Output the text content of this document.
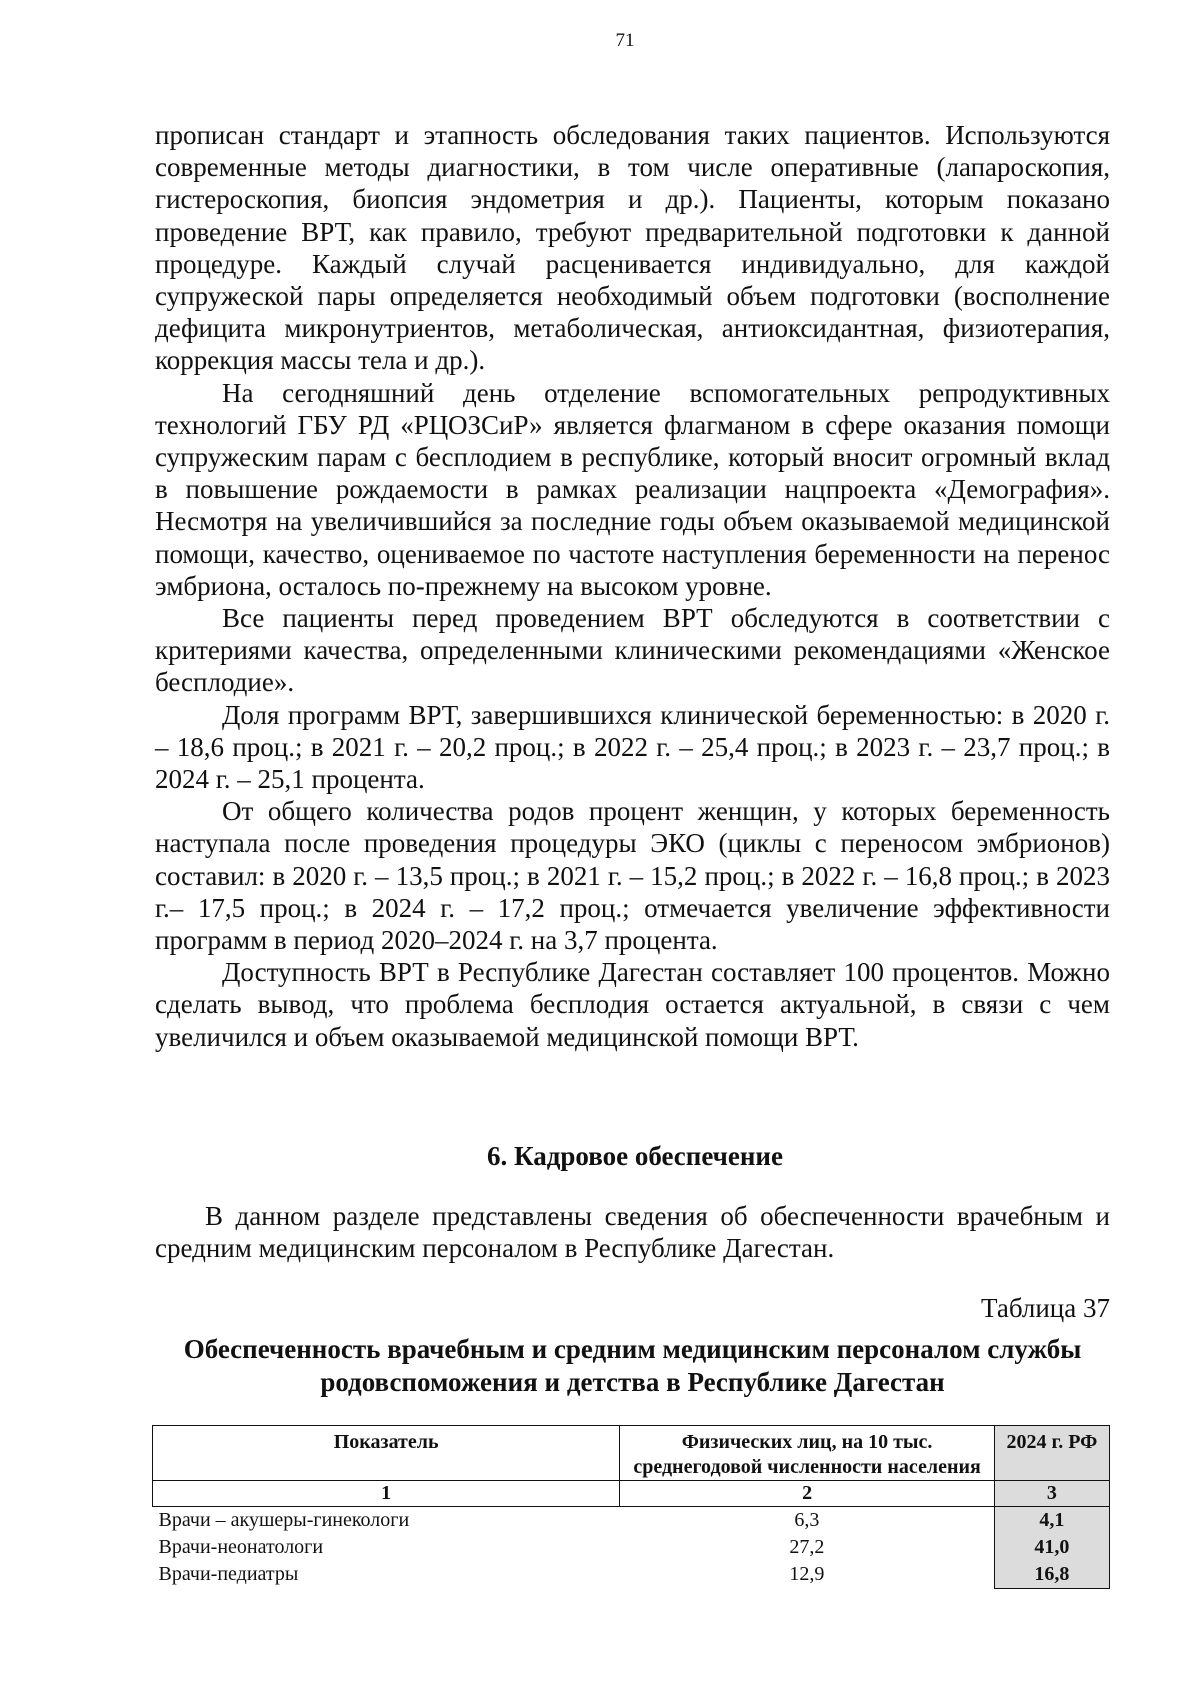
71

прописан стандарт и этапность обследования таких пациентов. Используются современные методы диагностики, в том числе оперативные (лапароскопия, гистероскопия, биопсия эндометрия и др.). Пациенты, которым показано проведение ВРТ, как правило, требуют предварительной подготовки к данной процедуре. Каждый случай расценивается индивидуально, для каждой супружеской пары определяется необходимый объем подготовки (восполнение дефицита микронутриентов, метаболическая, антиоксидантная, физиотерапия, коррекция массы тела и др.).

На сегодняшний день отделение вспомогательных репродуктивных технологий ГБУ РД «РЦОЗСиР» является флагманом в сфере оказания помощи супружеским парам с бесплодием в республике, который вносит огромный вклад в повышение рождаемости в рамках реализации нацпроекта «Демография». Несмотря на увеличившийся за последние годы объем оказываемой медицинской помощи, качество, оцениваемое по частоте наступления беременности на перенос эмбриона, осталось по-прежнему на высоком уровне.

Все пациенты перед проведением ВРТ обследуются в соответствии с критериями качества, определенными клиническими рекомендациями «Женское бесплодие».

Доля программ ВРТ, завершившихся клинической беременностью: в 2020 г. – 18,6 проц.; в 2021 г. – 20,2 проц.; в 2022 г. – 25,4 проц.; в 2023 г. – 23,7 проц.; в 2024 г. – 25,1 процента.

От общего количества родов процент женщин, у которых беременность наступала после проведения процедуры ЭКО (циклы с переносом эмбрионов) составил: в 2020 г. – 13,5 проц.; в 2021 г. – 15,2 проц.; в 2022 г. – 16,8 проц.; в 2023 г.– 17,5 проц.; в 2024 г. – 17,2 проц.; отмечается увеличение эффективности программ в период 2020–2024 г. на 3,7 процента.

Доступность ВРТ в Республике Дагестан составляет 100 процентов. Можно сделать вывод, что проблема бесплодия остается актуальной, в связи с чем увеличился и объем оказываемой медицинской помощи ВРТ.

6. Кадровое обеспечение

В данном разделе представлены сведения об обеспеченности врачебным и средним медицинским персоналом в Республике Дагестан.

Таблица 37
Обеспеченность врачебным и средним медицинским персоналом службы родовспоможения и детства в Республике Дагестан
Показатель	Физических лиц, на 10 тыс. среднегодовой численности населения	2024 г. РФ
1	2	3
Врачи – акушеры-гинекологи	6,3	4,1
Врачи-неонатологи	27,2	41,0
Врачи-педиатры	12,9	16,8
